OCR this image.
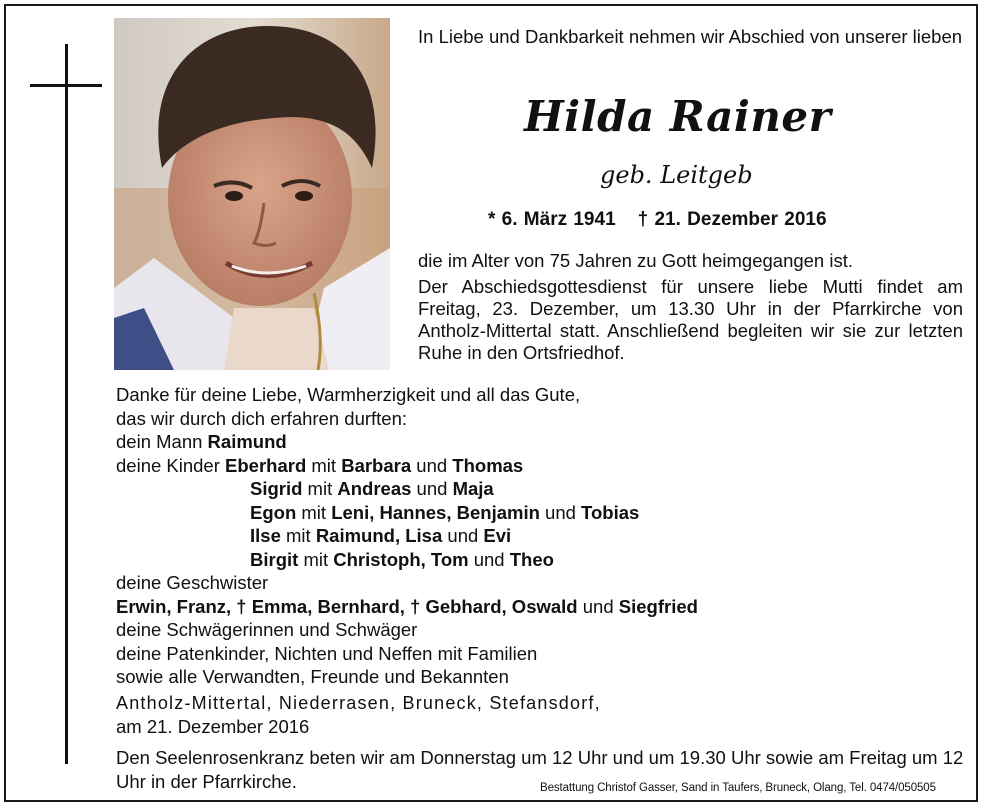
In Liebe und Dankbarkeit nehmen wir Abschied von unserer lieben
Hilda Rainer
geb. Leitgeb
* 6. März 1941 † 21. Dezember 2016
die im Alter von 75 Jahren zu Gott heimgegangen ist.
Der Abschiedsgottesdienst für unsere liebe Mutti findet am Freitag, 23. Dezember, um 13.30 Uhr in der Pfarrkirche von Antholz-Mittertal statt. Anschließend begleiten wir sie zur letzten Ruhe in den Ortsfriedhof.
Danke für deine Liebe, Warmherzigkeit und all das Gute,
das wir durch dich erfahren durften:
dein Mann Raimund
deine Kinder Eberhard mit Barbara und Thomas
Sigrid mit Andreas und Maja
Egon mit Leni, Hannes, Benjamin und Tobias
Ilse mit Raimund, Lisa und Evi
Birgit mit Christoph, Tom und Theo
deine Geschwister
Erwin, Franz, † Emma, Bernhard, † Gebhard, Oswald und Siegfried
deine Schwägerinnen und Schwäger
deine Patenkinder, Nichten und Neffen mit Familien
sowie alle Verwandten, Freunde und Bekannten
Antholz-Mittertal, Niederrasen, Bruneck, Stefansdorf,
am 21. Dezember 2016
Den Seelenrosenkranz beten wir am Donnerstag um 12 Uhr und um 19.30 Uhr sowie am Freitag um 12 Uhr in der Pfarrkirche.	Bestattung Christof Gasser, Sand in Taufers, Bruneck, Olang, Tel. 0474/050505
